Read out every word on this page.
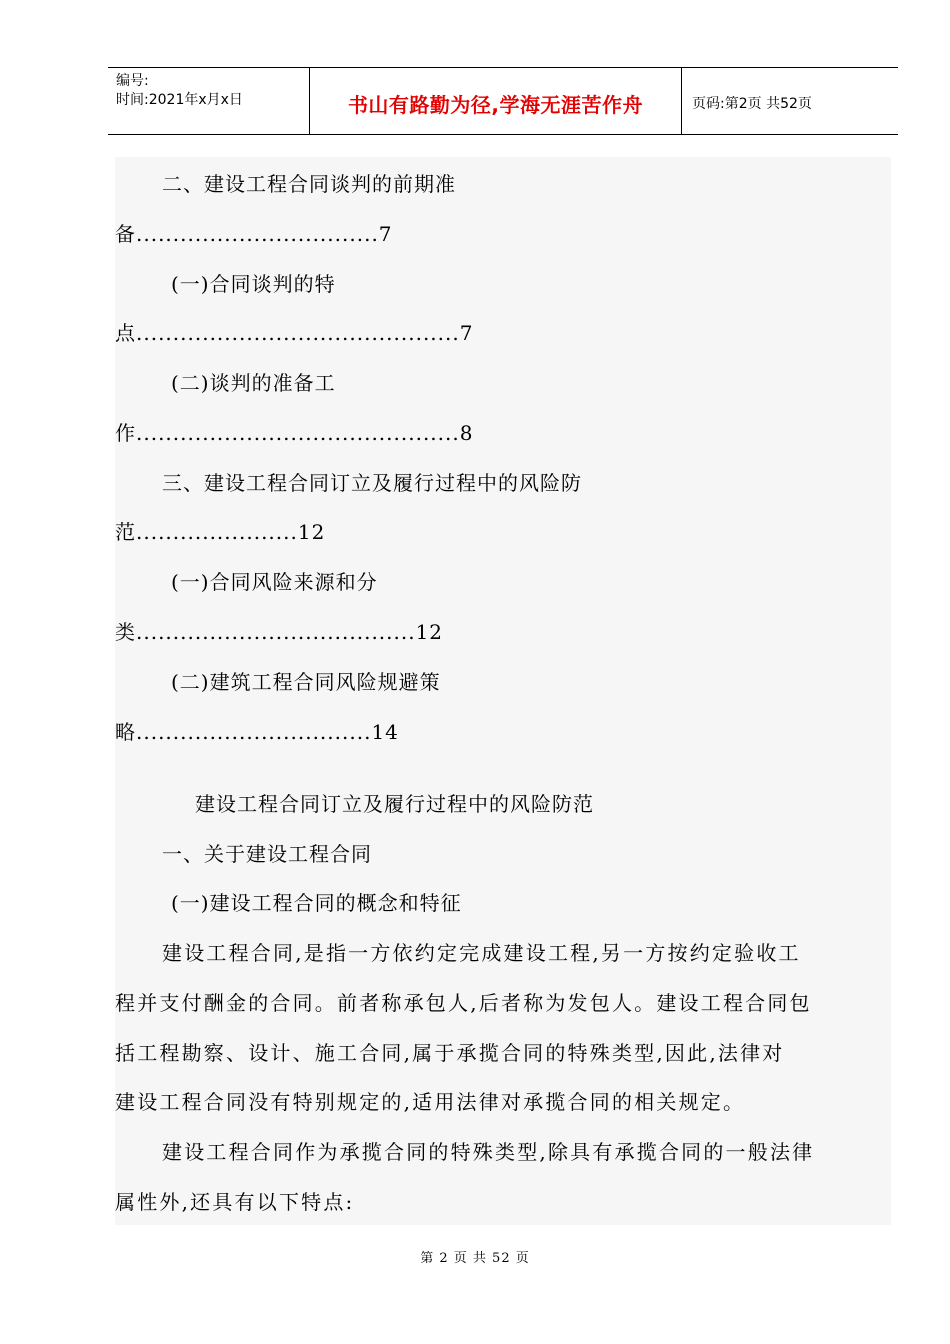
编号:
时间:2021年x月x日	书山有路勤为径,学海无涯苦作舟	页码:第2页 共52页
二、建设工程合同谈判的前期准
备.................................7
(一)合同谈判的特
点............................................7
(二)谈判的准备工
作............................................8
三、建设工程合同订立及履行过程中的风险防
范......................12
(一)合同风险来源和分
类......................................12
(二)建筑工程合同风险规避策
略................................14
建设工程合同订立及履行过程中的风险防范
一、关于建设工程合同
(一)建设工程合同的概念和特征
建设工程合同,是指一方依约定完成建设工程,另一方按约定验收工
程并支付酬金的合同。前者称承包人,后者称为发包人。建设工程合同包
括工程勘察、设计、施工合同,属于承揽合同的特殊类型,因此,法律对
建设工程合同没有特别规定的,适用法律对承揽合同的相关规定。
建设工程合同作为承揽合同的特殊类型,除具有承揽合同的一般法律
属性外,还具有以下特点:
第 2 页 共 52 页
